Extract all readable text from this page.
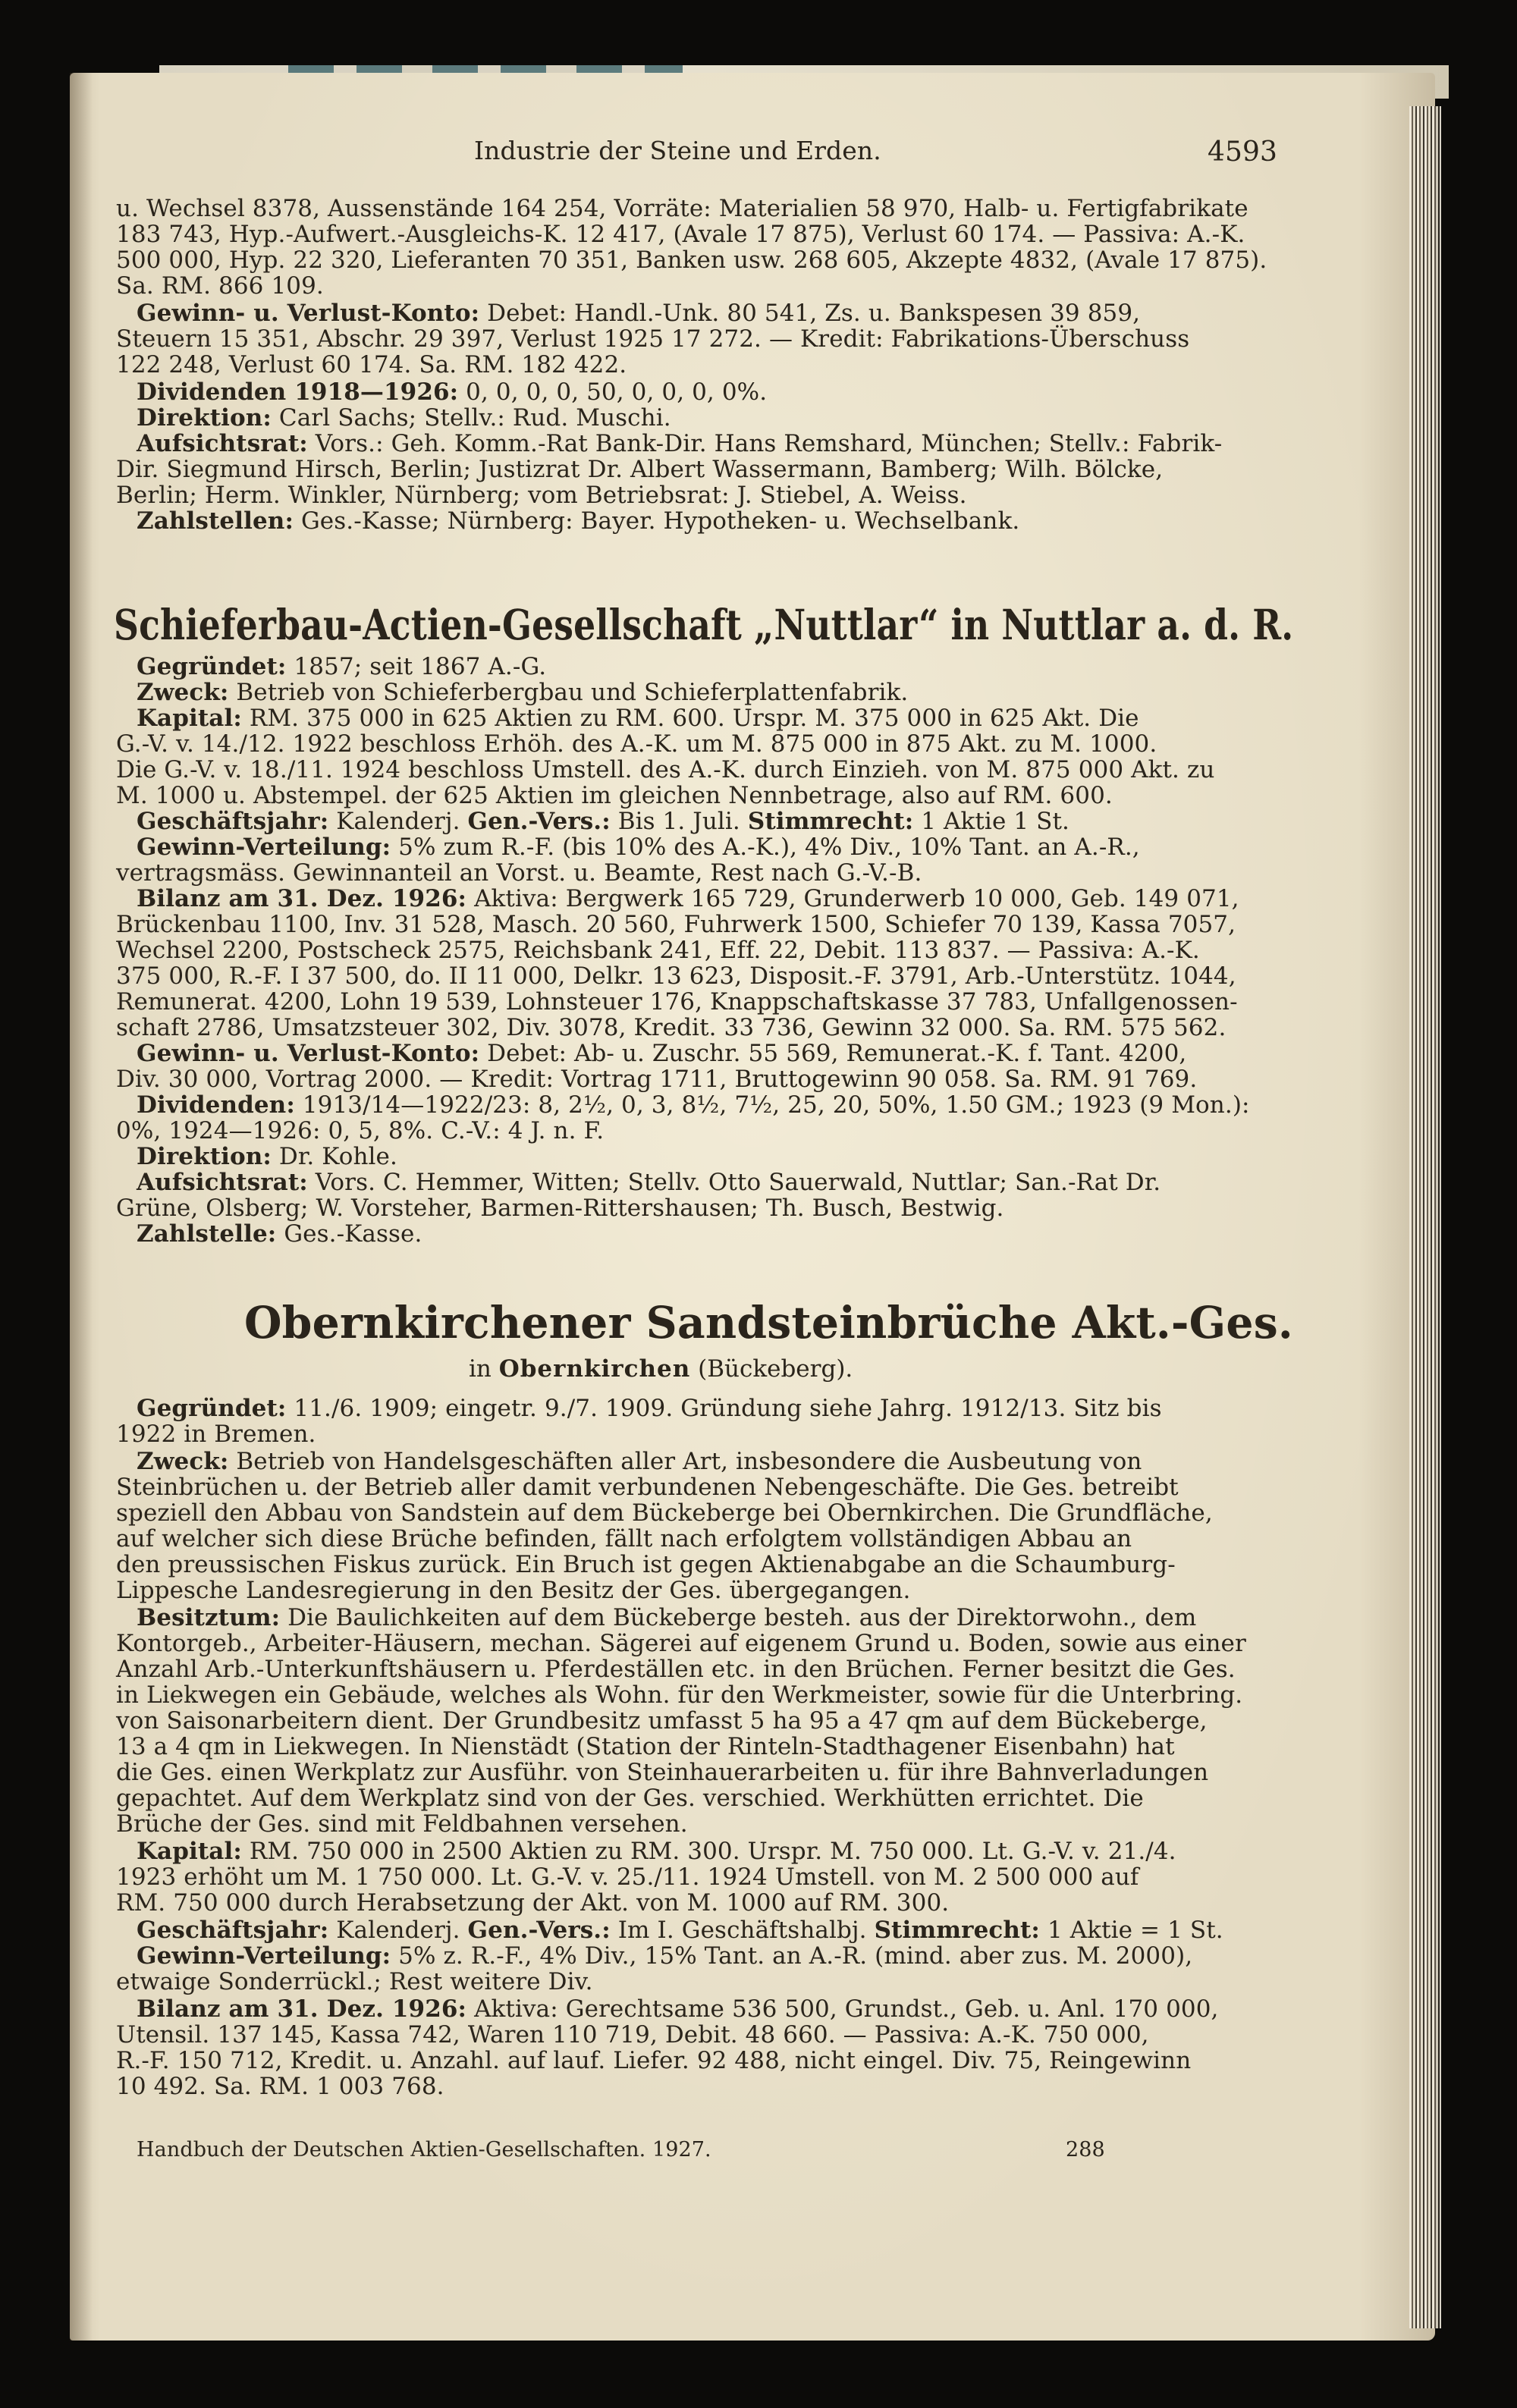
Industrie der Steine und Erden.	4593
u. Wechsel 8378, Aussenstände 164 254, Vorräte: Materialien 58 970, Halb- u. Fertigfabrikate
183 743, Hyp.-Aufwert.-Ausgleichs-K. 12 417, (Avale 17 875), Verlust 60 174. — Passiva: A.-K.
500 000, Hyp. 22 320, Lieferanten 70 351, Banken usw. 268 605, Akzepte 4832, (Avale 17 875).
Sa. RM. 866 109.
Gewinn- u. Verlust-Konto: Debet: Handl.-Unk. 80 541, Zs. u. Bankspesen 39 859,
Steuern 15 351, Abschr. 29 397, Verlust 1925 17 272. — Kredit: Fabrikations-Überschuss
122 248, Verlust 60 174. Sa. RM. 182 422.
Dividenden 1918—1926: 0, 0, 0, 0, 50, 0, 0, 0, 0%.
Direktion: Carl Sachs; Stellv.: Rud. Muschi.
Aufsichtsrat: Vors.: Geh. Komm.-Rat Bank-Dir. Hans Remshard, München; Stellv.: Fabrik-
Dir. Siegmund Hirsch, Berlin; Justizrat Dr. Albert Wassermann, Bamberg; Wilh. Bölcke,
Berlin; Herm. Winkler, Nürnberg; vom Betriebsrat: J. Stiebel, A. Weiss.
Zahlstellen: Ges.-Kasse; Nürnberg: Bayer. Hypotheken- u. Wechselbank.
Schieferbau-Actien-Gesellschaft „Nuttlar“ in Nuttlar a. d. R.
Gegründet: 1857; seit 1867 A.-G.
Zweck: Betrieb von Schieferbergbau und Schieferplattenfabrik.
Kapital: RM. 375 000 in 625 Aktien zu RM. 600. Urspr. M. 375 000 in 625 Akt. Die
G.-V. v. 14./12. 1922 beschloss Erhöh. des A.-K. um M. 875 000 in 875 Akt. zu M. 1000.
Die G.-V. v. 18./11. 1924 beschloss Umstell. des A.-K. durch Einzieh. von M. 875 000 Akt. zu
M. 1000 u. Abstempel. der 625 Aktien im gleichen Nennbetrage, also auf RM. 600.
Geschäftsjahr: Kalenderj. Gen.-Vers.: Bis 1. Juli. Stimmrecht: 1 Aktie 1 St.
Gewinn-Verteilung: 5% zum R.-F. (bis 10% des A.-K.), 4% Div., 10% Tant. an A.-R.,
vertragsmäss. Gewinnanteil an Vorst. u. Beamte, Rest nach G.-V.-B.
Bilanz am 31. Dez. 1926: Aktiva: Bergwerk 165 729, Grunderwerb 10 000, Geb. 149 071,
Brückenbau 1100, Inv. 31 528, Masch. 20 560, Fuhrwerk 1500, Schiefer 70 139, Kassa 7057,
Wechsel 2200, Postscheck 2575, Reichsbank 241, Eff. 22, Debit. 113 837. — Passiva: A.-K.
375 000, R.-F. I 37 500, do. II 11 000, Delkr. 13 623, Disposit.-F. 3791, Arb.-Unterstütz. 1044,
Remunerat. 4200, Lohn 19 539, Lohnsteuer 176, Knappschaftskasse 37 783, Unfallgenossen-
schaft 2786, Umsatzsteuer 302, Div. 3078, Kredit. 33 736, Gewinn 32 000. Sa. RM. 575 562.
Gewinn- u. Verlust-Konto: Debet: Ab- u. Zuschr. 55 569, Remunerat.-K. f. Tant. 4200,
Div. 30 000, Vortrag 2000. — Kredit: Vortrag 1711, Bruttogewinn 90 058. Sa. RM. 91 769.
Dividenden: 1913/14—1922/23: 8, 2½, 0, 3, 8½, 7½, 25, 20, 50%, 1.50 GM.; 1923 (9 Mon.):
0%, 1924—1926: 0, 5, 8%. C.-V.: 4 J. n. F.
Direktion: Dr. Kohle.
Aufsichtsrat: Vors. C. Hemmer, Witten; Stellv. Otto Sauerwald, Nuttlar; San.-Rat Dr.
Grüne, Olsberg; W. Vorsteher, Barmen-Rittershausen; Th. Busch, Bestwig.
Zahlstelle: Ges.-Kasse.
Obernkirchener Sandsteinbrüche Akt.-Ges.
in Obernkirchen (Bückeberg).
Gegründet: 11./6. 1909; eingetr. 9./7. 1909. Gründung siehe Jahrg. 1912/13. Sitz bis
1922 in Bremen.
Zweck: Betrieb von Handelsgeschäften aller Art, insbesondere die Ausbeutung von
Steinbrüchen u. der Betrieb aller damit verbundenen Nebengeschäfte. Die Ges. betreibt
speziell den Abbau von Sandstein auf dem Bückeberge bei Obernkirchen. Die Grundfläche,
auf welcher sich diese Brüche befinden, fällt nach erfolgtem vollständigen Abbau an
den preussischen Fiskus zurück. Ein Bruch ist gegen Aktienabgabe an die Schaumburg-
Lippesche Landesregierung in den Besitz der Ges. übergegangen.
Besitztum: Die Baulichkeiten auf dem Bückeberge besteh. aus der Direktorwohn., dem
Kontorgeb., Arbeiter-Häusern, mechan. Sägerei auf eigenem Grund u. Boden, sowie aus einer
Anzahl Arb.-Unterkunftshäusern u. Pferdeställen etc. in den Brüchen. Ferner besitzt die Ges.
in Liekwegen ein Gebäude, welches als Wohn. für den Werkmeister, sowie für die Unterbring.
von Saisonarbeitern dient. Der Grundbesitz umfasst 5 ha 95 a 47 qm auf dem Bückeberge,
13 a 4 qm in Liekwegen. In Nienstädt (Station der Rinteln-Stadthagener Eisenbahn) hat
die Ges. einen Werkplatz zur Ausführ. von Steinhauerarbeiten u. für ihre Bahnverladungen
gepachtet. Auf dem Werkplatz sind von der Ges. verschied. Werkhütten errichtet. Die
Brüche der Ges. sind mit Feldbahnen versehen.
Kapital: RM. 750 000 in 2500 Aktien zu RM. 300. Urspr. M. 750 000. Lt. G.-V. v. 21./4.
1923 erhöht um M. 1 750 000. Lt. G.-V. v. 25./11. 1924 Umstell. von M. 2 500 000 auf
RM. 750 000 durch Herabsetzung der Akt. von M. 1000 auf RM. 300.
Geschäftsjahr: Kalenderj. Gen.-Vers.: Im I. Geschäftshalbj. Stimmrecht: 1 Aktie = 1 St.
Gewinn-Verteilung: 5% z. R.-F., 4% Div., 15% Tant. an A.-R. (mind. aber zus. M. 2000),
etwaige Sonderrückl.; Rest weitere Div.
Bilanz am 31. Dez. 1926: Aktiva: Gerechtsame 536 500, Grundst., Geb. u. Anl. 170 000,
Utensil. 137 145, Kassa 742, Waren 110 719, Debit. 48 660. — Passiva: A.-K. 750 000,
R.-F. 150 712, Kredit. u. Anzahl. auf lauf. Liefer. 92 488, nicht eingel. Div. 75, Reingewinn
10 492. Sa. RM. 1 003 768.
Handbuch der Deutschen Aktien-Gesellschaften. 1927.	288
